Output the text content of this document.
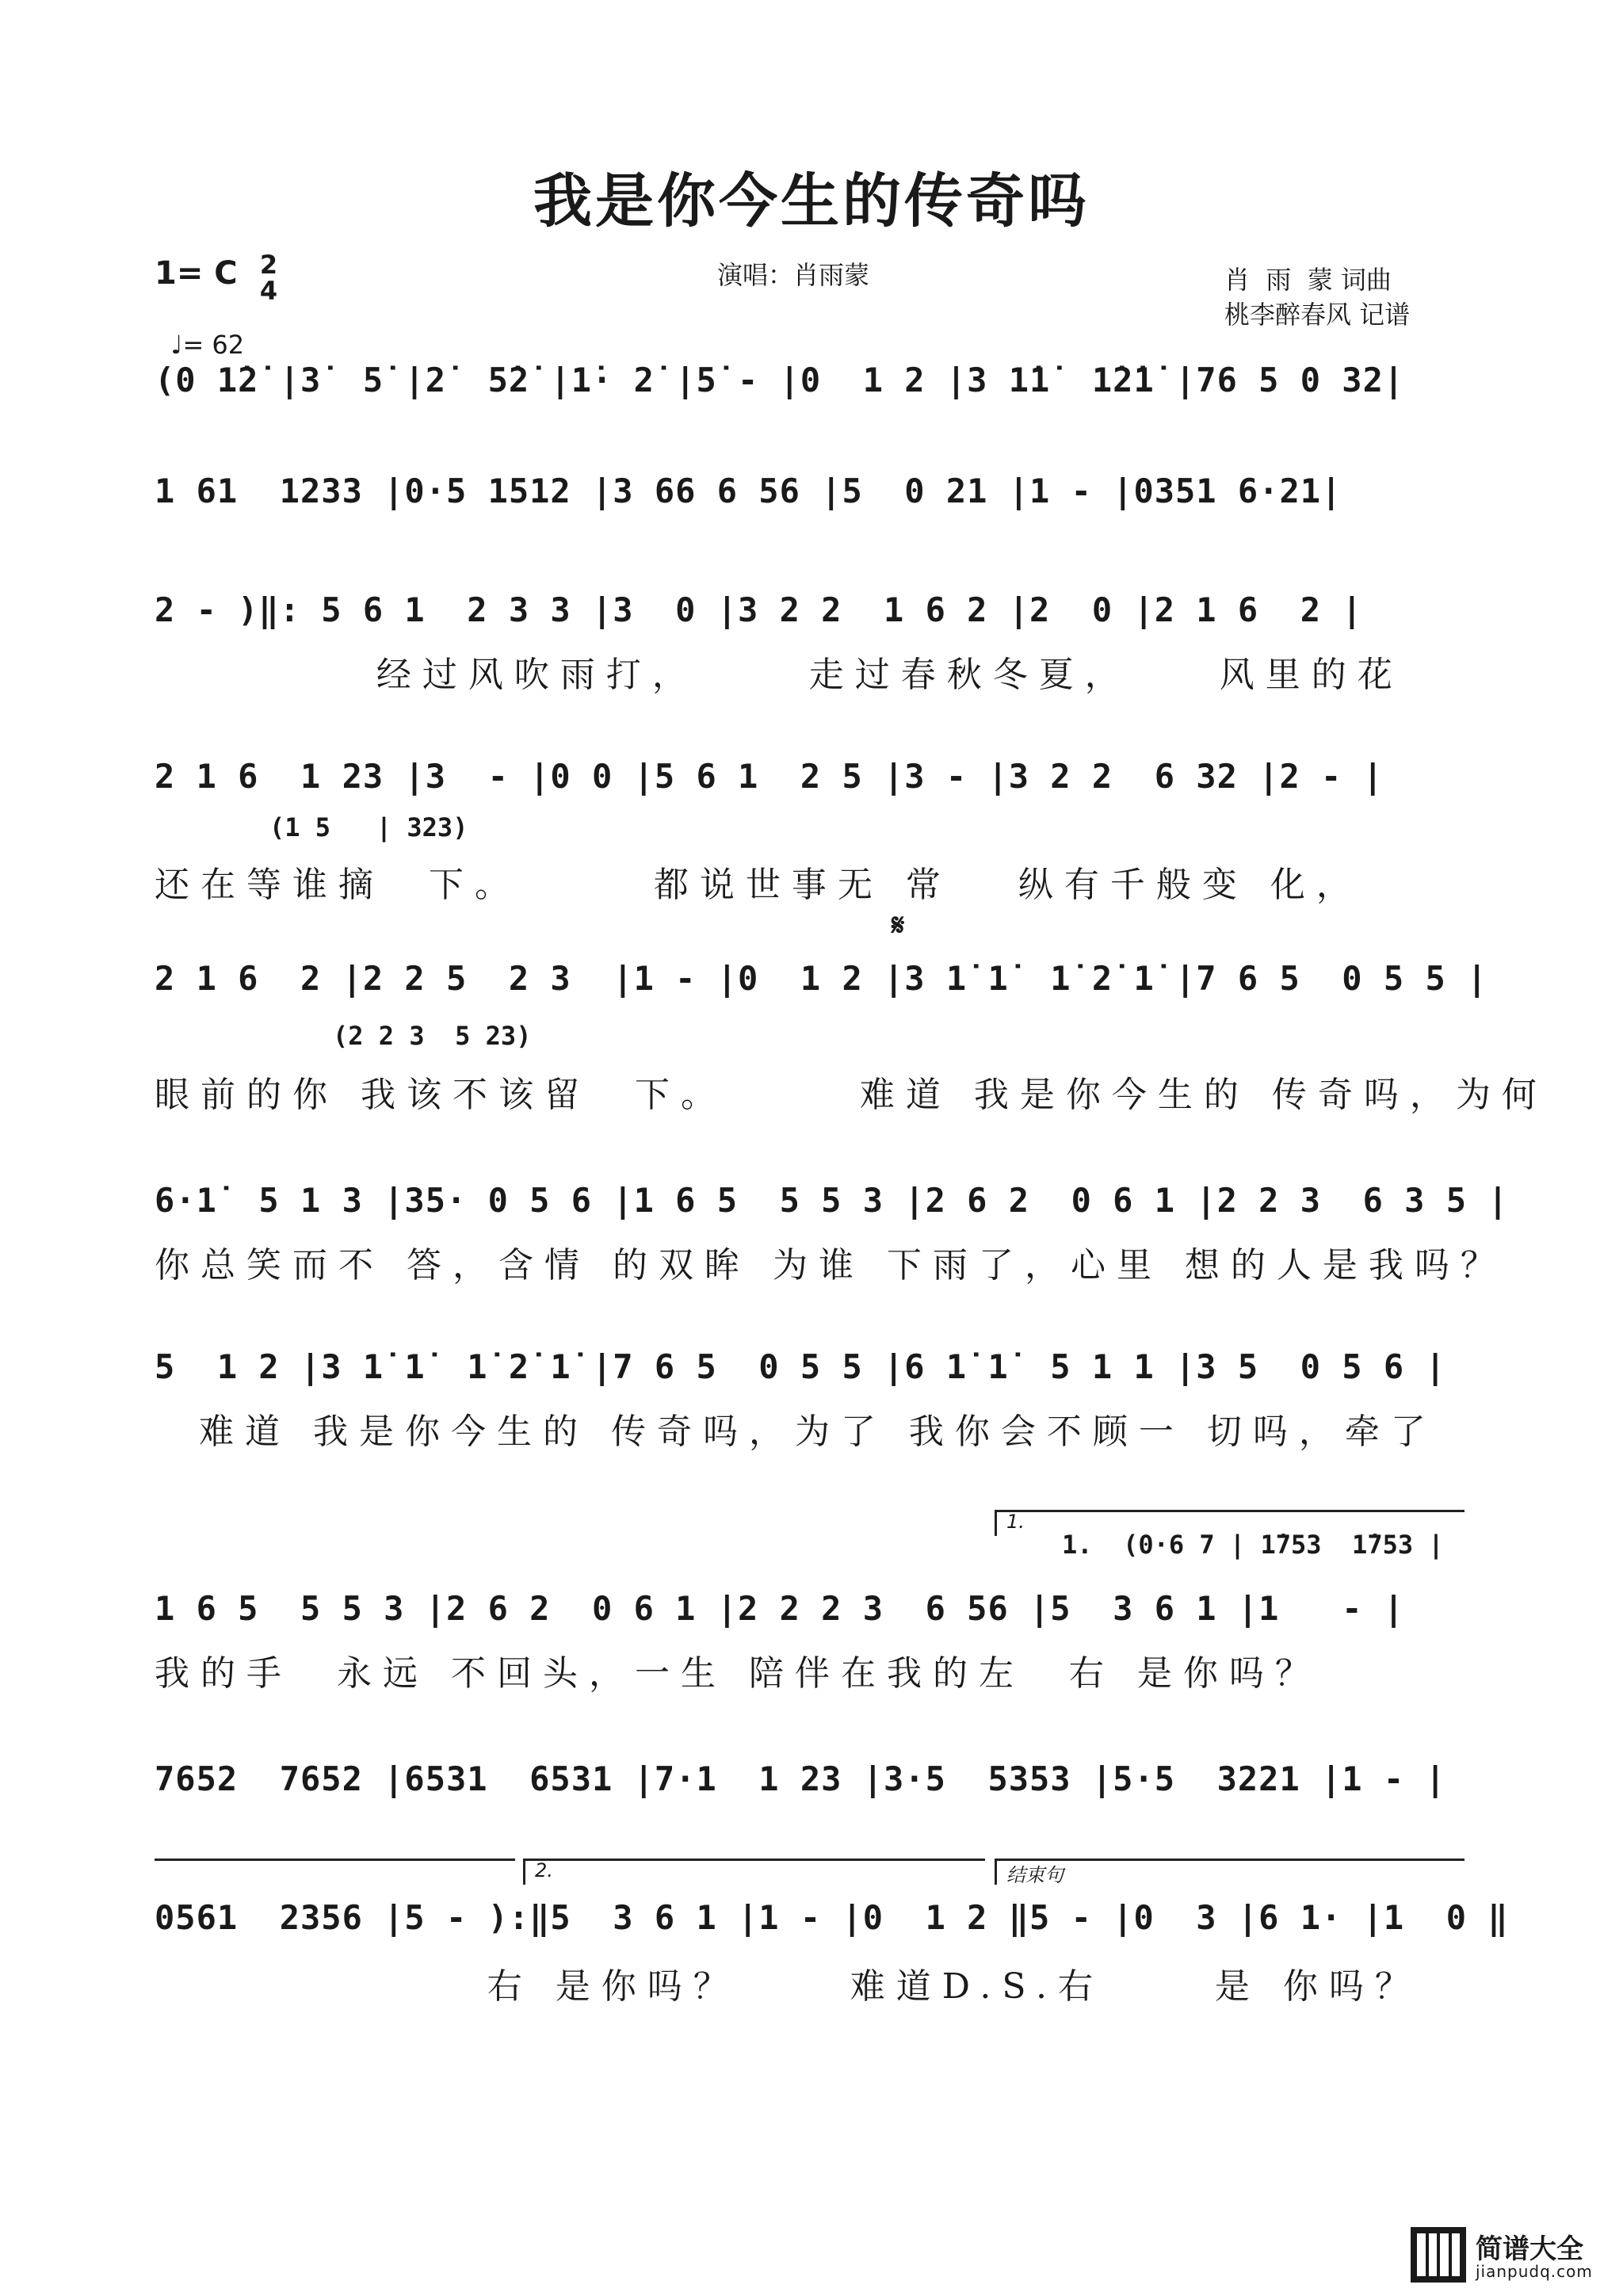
我是你今生的传奇吗
1= C 2
4

♩= 62

演唱：肖雨蒙	肖  雨  蒙 词曲
桃李醉春风 记谱
(0 1̇2̇ |3̇  5̇ |2̇  5̇2̇ |1̇· 2̇ |5̇ - |0  1 2 |3 1̇1̇  1̇2̇1̇ |76 5 0 32|
1 61  1233 |0·5 1512 |3 66 6 56 |5  0 21 |1 - |0351 6·21|
2 - )‖: 5 6 1  2 3 3 |3  0 |3 2 2  1 6 2 |2  0 |2 1 6  2 |
经过风吹雨打，     走过春秋冬夏，    风里的花
2 1 6  1 23 |3  - |0 0 |5 6 1  2 5 |3 - |3 2 2  6 32 |2 - |
(1 5   | 323)
还在等谁摘  下。      都说世事无 常   纵有千般变 化，
𝄋
2 1 6  2 |2 2 5  2 3  |1 - |0  1 2 |3 1̇ 1̇  1̇ 2̇ 1̇ |7 6 5  0 5 5 |
(2 2 3  5 23)
眼前的你 我该不该留  下。      难道 我是你今生的 传奇吗，为何
6·1̇  5 1 3 |35· 0 5 6 |1 6 5  5 5 3 |2 6 2  0 6 1 |2 2 3  6 3 5 |
你总笑而不 答，含情 的双眸 为谁 下雨了，心里 想的人是我吗？
5  1 2 |3 1̇ 1̇  1̇ 2̇ 1̇ |7 6 5  0 5 5 |6 1̇ 1̇  5 1 1 |3 5  0 5 6 |
难道 我是你今生的 传奇吗，为了 我你会不顾一 切吗，牵了
1.
1.  (0·6 7 | 1̇753  1̇753 |
1 6 5  5 5 3 |2 6 2  0 6 1 |2 2 2 3  6 56 |5  3 6 1 |1   - |
我的手  永远 不回头，一生 陪伴在我的左  右 是你吗？
7652  7652 |6531  6531 |7·1  1 23 |3·5  5353 |5·5  3221 |1 - |
2.	结束句
0561  2356 |5 - ):‖5  3 6 1 |1 - |0  1 2 ‖5 - |0  3 |6 1· |1  0 ‖
右 是你吗？     难道D.S.右     是 你吗？
简谱大全
jianpudq.com
